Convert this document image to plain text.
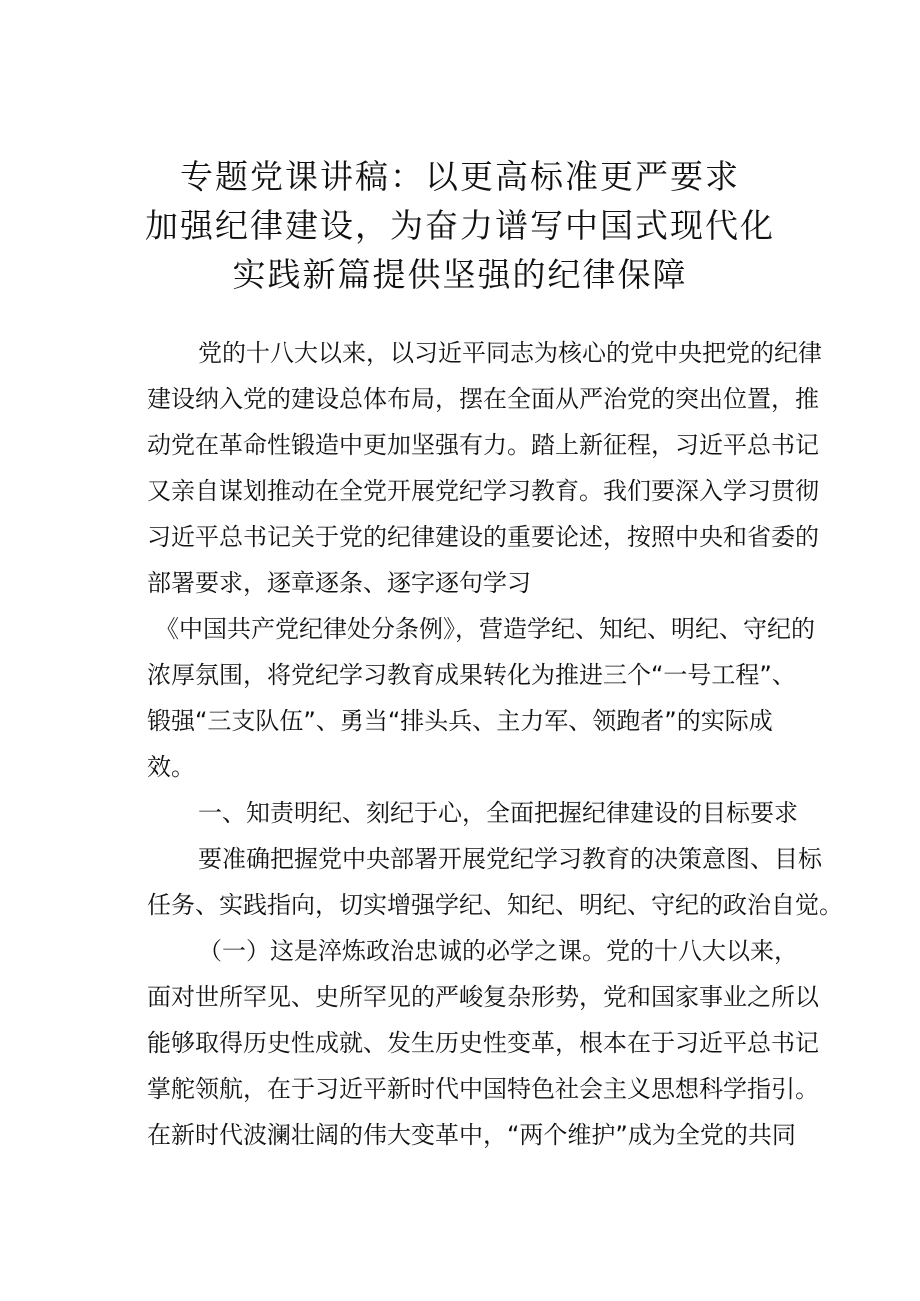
专题党课讲稿：以更高标准更严要求
加强纪律建设，为奋力谱写中国式现代化
实践新篇提供坚强的纪律保障
党的十八大以来，以习近平同志为核心的党中央把党的纪律
建设纳入党的建设总体布局，摆在全面从严治党的突出位置，推
动党在革命性锻造中更加坚强有力。踏上新征程，习近平总书记
又亲自谋划推动在全党开展党纪学习教育。我们要深入学习贯彻
习近平总书记关于党的纪律建设的重要论述，按照中央和省委的
部署要求，逐章逐条、逐字逐句学习
《中国共产党纪律处分条例》，营造学纪、知纪、明纪、守纪的
浓厚氛围，将党纪学习教育成果转化为推进三个“一号工程”、
锻强“三支队伍”、勇当“排头兵、主力军、领跑者”的实际成
效。
一、知责明纪、刻纪于心，全面把握纪律建设的目标要求
要准确把握党中央部署开展党纪学习教育的决策意图、目标
任务、实践指向，切实增强学纪、知纪、明纪、守纪的政治自觉。
（一）这是淬炼政治忠诚的必学之课。党的十八大以来，
面对世所罕见、史所罕见的严峻复杂形势，党和国家事业之所以
能够取得历史性成就、发生历史性变革，根本在于习近平总书记
掌舵领航，在于习近平新时代中国特色社会主义思想科学指引。
在新时代波澜壮阔的伟大变革中，“两个维护”成为全党的共同
